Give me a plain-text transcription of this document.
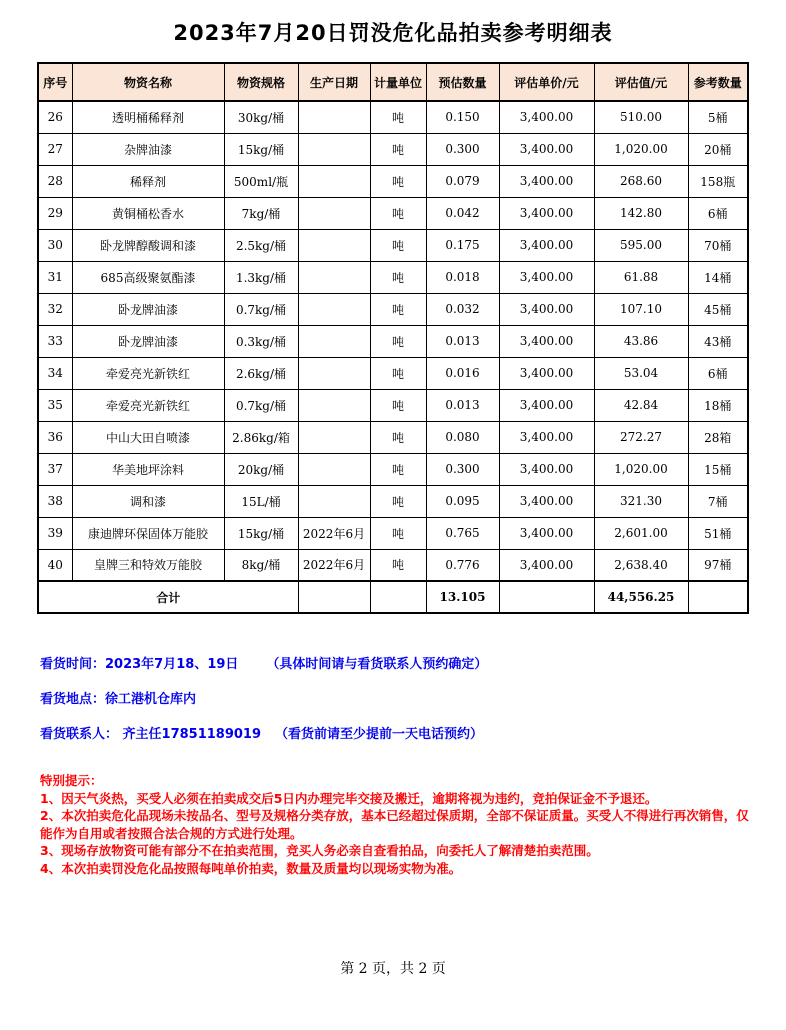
2023年7月20日罚没危化品拍卖参考明细表
序号	物资名称	物资规格	生产日期	计量单位	预估数量	评估单价/元	评估值/元	参考数量
26	透明桶稀释剂	30kg/桶		吨	0.150	3,400.00	510.00	5桶
27	杂牌油漆	15kg/桶		吨	0.300	3,400.00	1,020.00	20桶
28	稀释剂	500ml/瓶		吨	0.079	3,400.00	268.60	158瓶
29	黄铜桶松香水	7kg/桶		吨	0.042	3,400.00	142.80	6桶
30	卧龙牌醇酸调和漆	2.5kg/桶		吨	0.175	3,400.00	595.00	70桶
31	685高级聚氨酯漆	1.3kg/桶		吨	0.018	3,400.00	61.88	14桶
32	卧龙牌油漆	0.7kg/桶		吨	0.032	3,400.00	107.10	45桶
33	卧龙牌油漆	0.3kg/桶		吨	0.013	3,400.00	43.86	43桶
34	牵爱亮光新铁红	2.6kg/桶		吨	0.016	3,400.00	53.04	6桶
35	牵爱亮光新铁红	0.7kg/桶		吨	0.013	3,400.00	42.84	18桶
36	中山大田自喷漆	2.86kg/箱		吨	0.080	3,400.00	272.27	28箱
37	华美地坪涂料	20kg/桶		吨	0.300	3,400.00	1,020.00	15桶
38	调和漆	15L/桶		吨	0.095	3,400.00	321.30	7桶
39	康迪牌环保固体万能胶	15kg/桶	2022年6月	吨	0.765	3,400.00	2,601.00	51桶
40	皇牌三和特效万能胶	8kg/桶	2022年6月	吨	0.776	3,400.00	2,638.40	97桶
合计					13.105		44,556.25	
看货时间：2023年7月18、19日 （具体时间请与看货联系人预约确定）
看货地点：徐工港机仓库内
看货联系人： 齐主任17851189019 （看货前请至少提前一天电话预约）

特别提示：

1、因天气炎热，买受人必须在拍卖成交后5日内办理完毕交接及搬迁，逾期将视为违约，竞拍保证金不予退还。

2、本次拍卖危化品现场未按品名、型号及规格分类存放，基本已经超过保质期，全部不保证质量。买受人不得进行再次销售，仅能作为自用或者按照合法合规的方式进行处理。

3、现场存放物资可能有部分不在拍卖范围，竞买人务必亲自查看拍品，向委托人了解清楚拍卖范围。

4、本次拍卖罚没危化品按照每吨单价拍卖，数量及质量均以现场实物为准。

第 2 页，共 2 页
